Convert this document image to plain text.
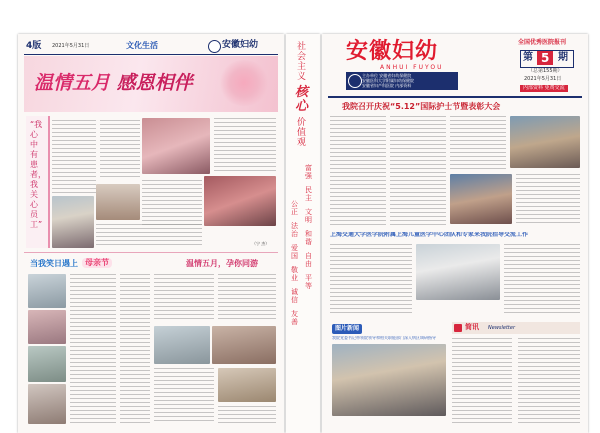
4版 2021年5月31日	文化生活	安徽妇幼
温情五月 感恩相伴
“我心中有患者，我关心员工”
（宁 杰）
当我笑日遇上 母亲节	温情五月，孕你同游
社会主义
核心
价值观
富强
民主
文明
和谐
自由
平等
公正
法治
爱国
敬业
诚信
友善
安徽妇幼
ANHUI FUYOU
主办单位 安徽省妇幼保健院
安徽医科大学附属妇幼保健院
安徽省妇产科医院 内部资料
全国优秀医院报刊
第 5 期
（总第155期）
2021年5月31日
内部资料 免费交流
我院召开庆祝“5.12”国际护士节暨表彰大会
上海交通大学医学院附属上海儿童医学中心团队和专家来我院指导交流工作
图片新闻
我院党委书记带领院领导和相关职能部门深入病区调研指导
简讯 Newsletter
